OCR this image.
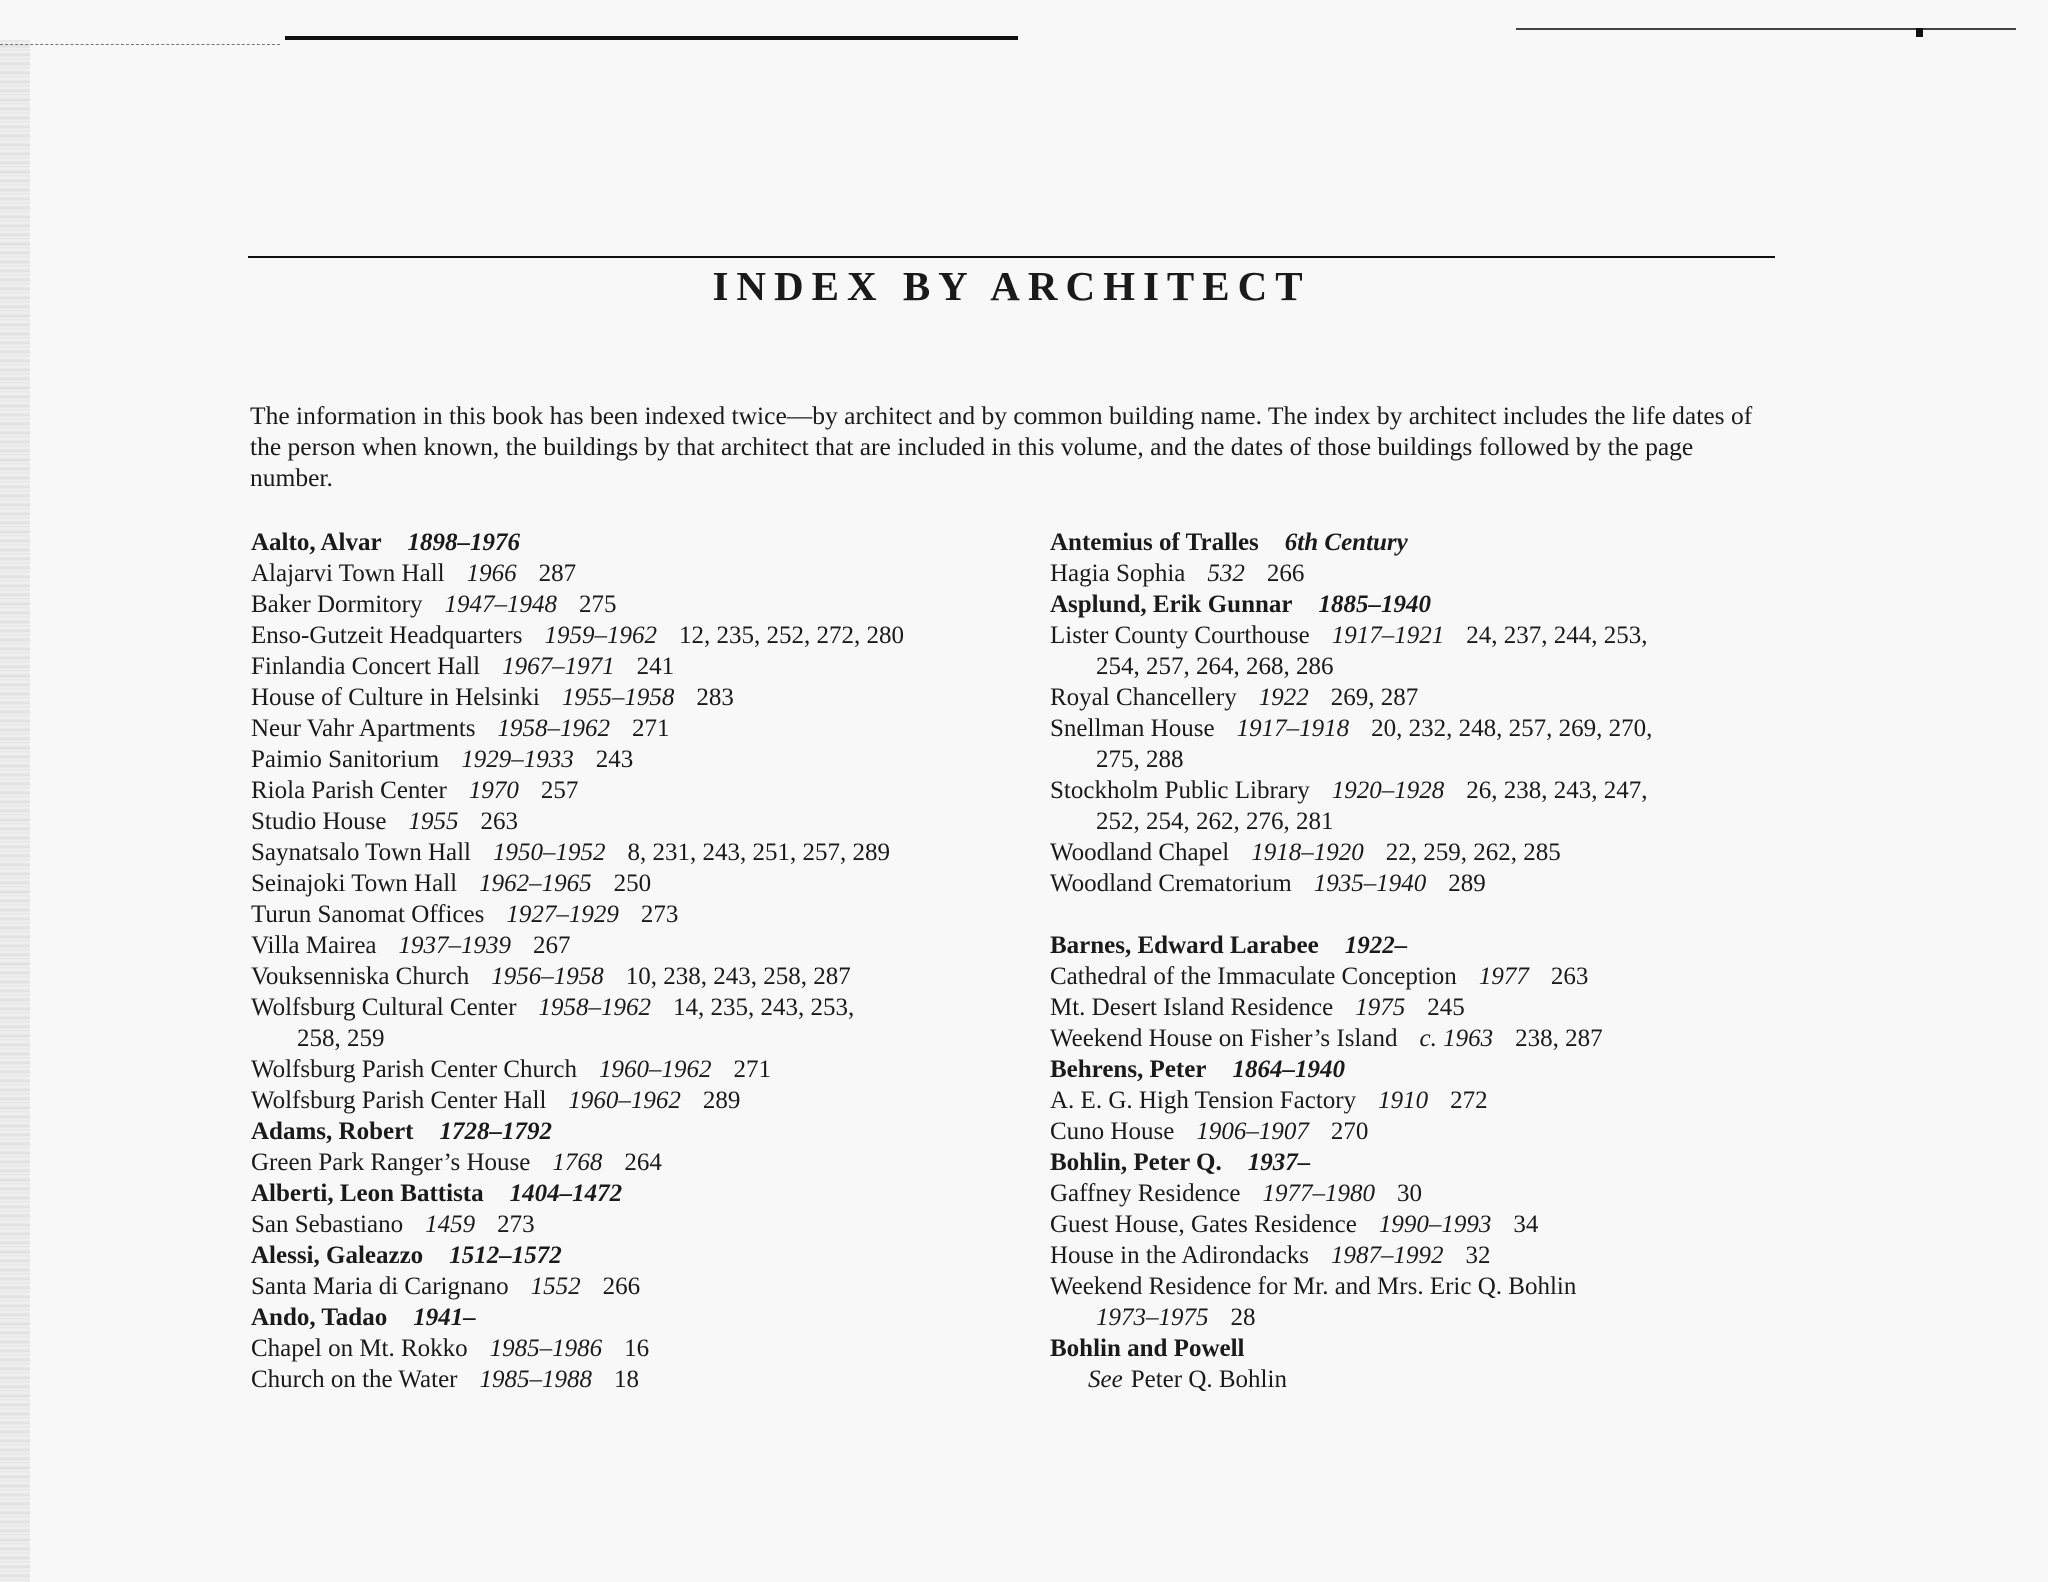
INDEX BY ARCHITECT

The information in this book has been indexed twice—by architect and by common building name. The index by architect includes the life dates of the person when known, the buildings by that architect that are included in this volume, and the dates of those buildings followed by the page number.

Aalto, Alvar 1898–1976
Alajarvi Town Hall 1966 287
Baker Dormitory 1947–1948 275
Enso-Gutzeit Headquarters 1959–1962 12, 235, 252, 272, 280
Finlandia Concert Hall 1967–1971 241
House of Culture in Helsinki 1955–1958 283
Neur Vahr Apartments 1958–1962 271
Paimio Sanitorium 1929–1933 243
Riola Parish Center 1970 257
Studio House 1955 263
Saynatsalo Town Hall 1950–1952 8, 231, 243, 251, 257, 289
Seinajoki Town Hall 1962–1965 250
Turun Sanomat Offices 1927–1929 273
Villa Mairea 1937–1939 267
Vouksenniska Church 1956–1958 10, 238, 243, 258, 287
Wolfsburg Cultural Center 1958–1962 14, 235, 243, 253,
258, 259
Wolfsburg Parish Center Church 1960–1962 271
Wolfsburg Parish Center Hall 1960–1962 289
Adams, Robert 1728–1792
Green Park Ranger’s House 1768 264
Alberti, Leon Battista 1404–1472
San Sebastiano 1459 273
Alessi, Galeazzo 1512–1572
Santa Maria di Carignano 1552 266
Ando, Tadao 1941–
Chapel on Mt. Rokko 1985–1986 16
Church on the Water 1985–1988 18
Antemius of Tralles 6th Century
Hagia Sophia 532 266
Asplund, Erik Gunnar 1885–1940
Lister County Courthouse 1917–1921 24, 237, 244, 253,
254, 257, 264, 268, 286
Royal Chancellery 1922 269, 287
Snellman House 1917–1918 20, 232, 248, 257, 269, 270,
275, 288
Stockholm Public Library 1920–1928 26, 238, 243, 247,
252, 254, 262, 276, 281
Woodland Chapel 1918–1920 22, 259, 262, 285
Woodland Crematorium 1935–1940 289
Barnes, Edward Larabee 1922–
Cathedral of the Immaculate Conception 1977 263
Mt. Desert Island Residence 1975 245
Weekend House on Fisher’s Island c. 1963 238, 287
Behrens, Peter 1864–1940
A. E. G. High Tension Factory 1910 272
Cuno House 1906–1907 270
Bohlin, Peter Q. 1937–
Gaffney Residence 1977–1980 30
Guest House, Gates Residence 1990–1993 34
House in the Adirondacks 1987–1992 32
Weekend Residence for Mr. and Mrs. Eric Q. Bohlin
1973–1975 28
Bohlin and Powell
See Peter Q. Bohlin
